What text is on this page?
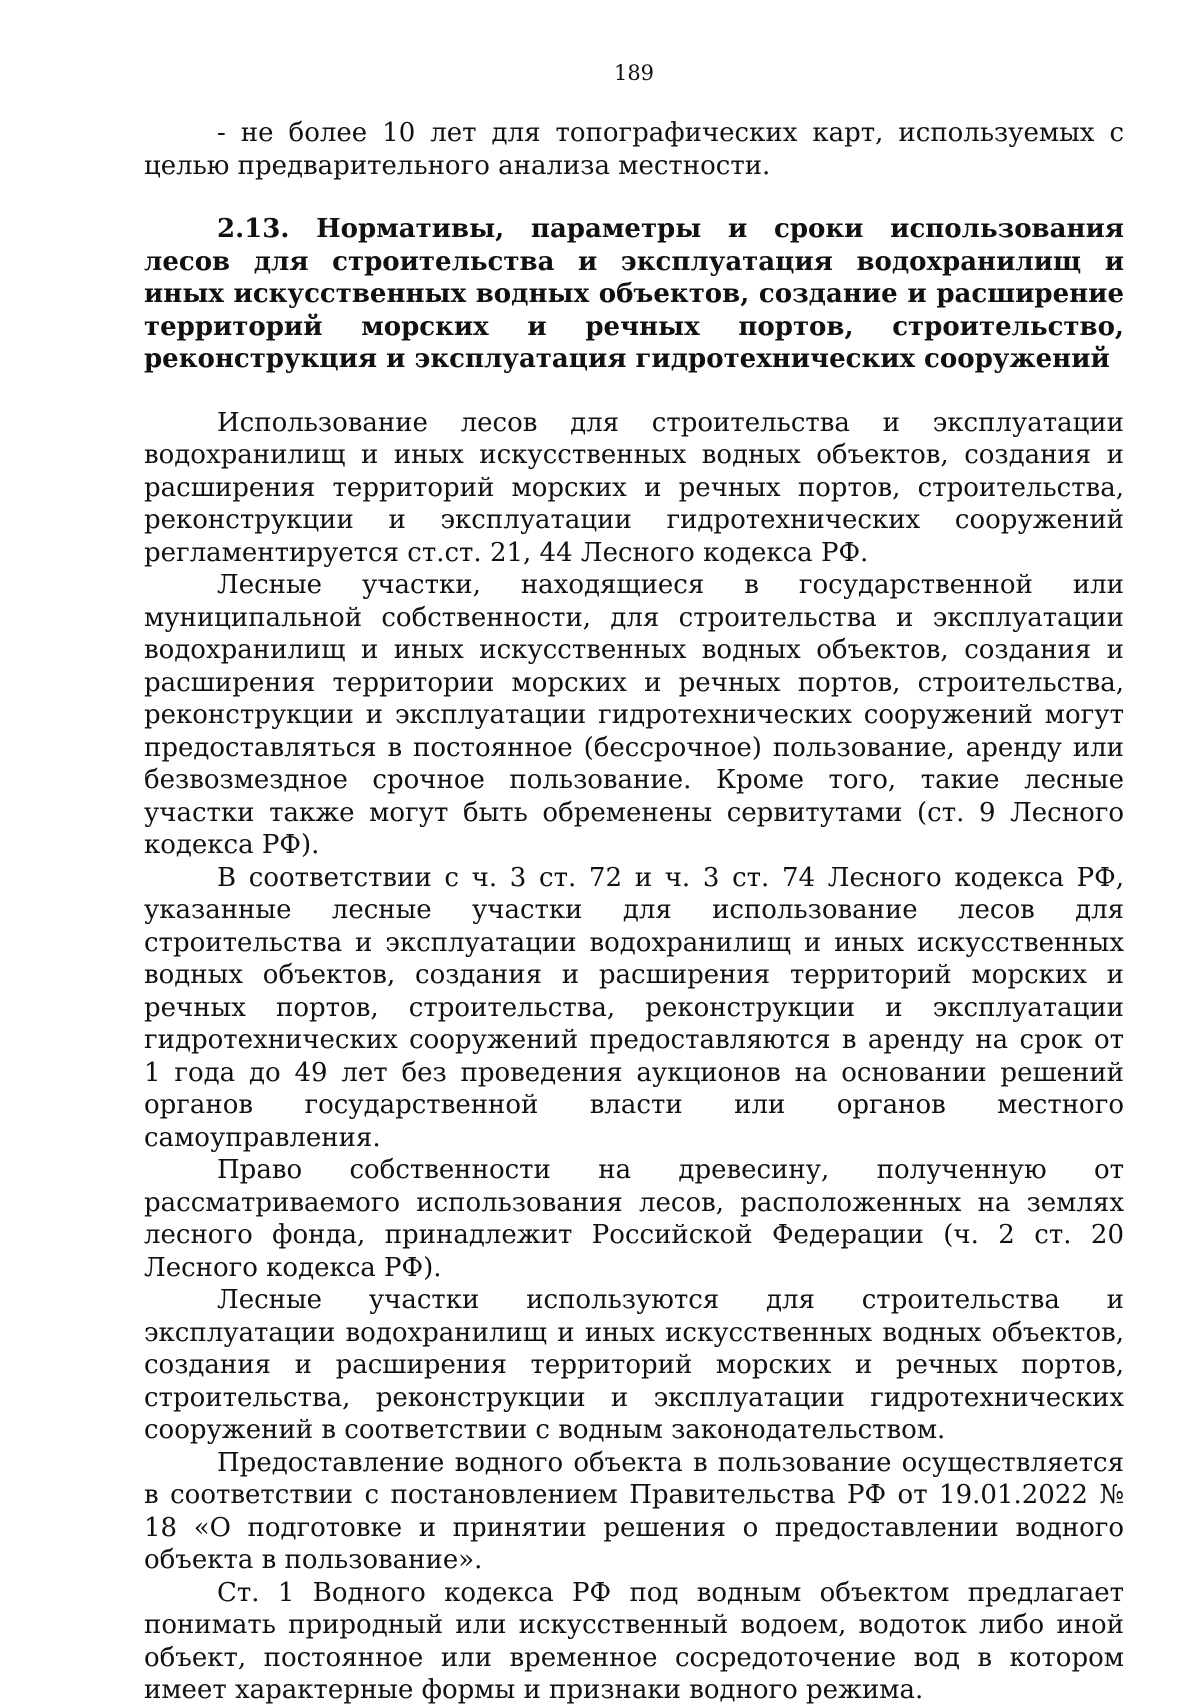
189

- не более 10 лет для топографических карт, используемых с целью предварительного анализа местности.

2.13. Нормативы, параметры и сроки использования лесов для строительства и эксплуатация водохранилищ и иных искусственных водных объектов, создание и расширение территорий морских и речных портов, строительство, реконструкция и эксплуатация гидротехнических сооружений

Использование лесов для строительства и эксплуатации водохранилищ и иных искусственных водных объектов, создания и расширения территорий морских и речных портов, строительства, реконструкции и эксплуатации гидротехнических сооружений регламентируется ст.ст. 21, 44 Лесного кодекса РФ.

Лесные участки, находящиеся в государственной или муниципальной собственности, для строительства и эксплуатации водохранилищ и иных искусственных водных объектов, создания и расширения территории морских и речных портов, строительства, реконструкции и эксплуатации гидротехнических сооружений могут предоставляться в постоянное (бессрочное) пользование, аренду или безвозмездное срочное пользование. Кроме того, такие лесные участки также могут быть обременены сервитутами (ст. 9 Лесного кодекса РФ).

В соответствии с ч. 3 ст. 72 и ч. 3 ст. 74 Лесного кодекса РФ, указанные лесные участки для использование лесов для строительства и эксплуатации водохранилищ и иных искусственных водных объектов, создания и расширения территорий морских и речных портов, строительства, реконструкции и эксплуатации гидротехнических сооружений предоставляются в аренду на срок от 1 года до 49 лет без проведения аукционов на основании решений органов государственной власти или органов местного самоуправления.

Право собственности на древесину, полученную от рассматриваемого использования лесов, расположенных на землях лесного фонда, принадлежит Российской Федерации (ч. 2 ст. 20 Лесного кодекса РФ).

Лесные участки используются для строительства и эксплуатации водохранилищ и иных искусственных водных объектов, создания и расширения территорий морских и речных портов, строительства, реконструкции и эксплуатации гидротехнических сооружений в соответствии с водным законодательством.

Предоставление водного объекта в пользование осуществляется в соответствии с постановлением Правительства РФ от 19.01.2022 № 18 «О подготовке и принятии решения о предоставлении водного объекта в пользование».

Ст. 1 Водного кодекса РФ под водным объектом предлагает понимать природный или искусственный водоем, водоток либо иной объект, постоянное или временное сосредоточение вод в котором имеет характерные формы и признаки водного режима.
